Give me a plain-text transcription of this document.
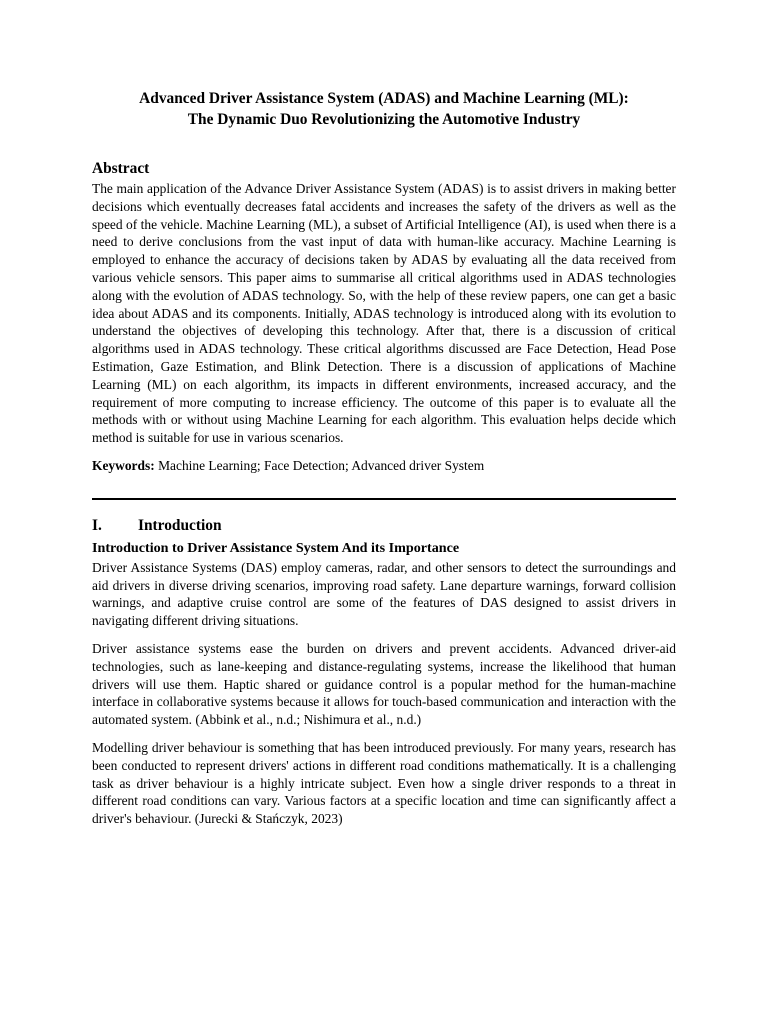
Advanced Driver Assistance System (ADAS) and Machine Learning (ML):
The Dynamic Duo Revolutionizing the Automotive Industry
Abstract

The main application of the Advance Driver Assistance System (ADAS) is to assist drivers in making better decisions which eventually decreases fatal accidents and increases the safety of the drivers as well as the speed of the vehicle. Machine Learning (ML), a subset of Artificial Intelligence (AI), is used when there is a need to derive conclusions from the vast input of data with human-like accuracy. Machine Learning is employed to enhance the accuracy of decisions taken by ADAS by evaluating all the data received from various vehicle sensors. This paper aims to summarise all critical algorithms used in ADAS technologies along with the evolution of ADAS technology. So, with the help of these review papers, one can get a basic idea about ADAS and its components. Initially, ADAS technology is introduced along with its evolution to understand the objectives of developing this technology. After that, there is a discussion of critical algorithms used in ADAS technology. These critical algorithms discussed are Face Detection, Head Pose Estimation, Gaze Estimation, and Blink Detection. There is a discussion of applications of Machine Learning (ML) on each algorithm, its impacts in different environments, increased accuracy, and the requirement of more computing to increase efficiency. The outcome of this paper is to evaluate all the methods with or without using Machine Learning for each algorithm. This evaluation helps decide which method is suitable for use in various scenarios.

Keywords: Machine Learning; Face Detection; Advanced driver System

I.	Introduction
Introduction to Driver Assistance System And its Importance

Driver Assistance Systems (DAS) employ cameras, radar, and other sensors to detect the surroundings and aid drivers in diverse driving scenarios, improving road safety. Lane departure warnings, forward collision warnings, and adaptive cruise control are some of the features of DAS designed to assist drivers in navigating different driving situations.

Driver assistance systems ease the burden on drivers and prevent accidents. Advanced driver-aid technologies, such as lane-keeping and distance-regulating systems, increase the likelihood that human drivers will use them. Haptic shared or guidance control is a popular method for the human-machine interface in collaborative systems because it allows for touch-based communication and interaction with the automated system. (Abbink et al., n.d.; Nishimura et al., n.d.)

Modelling driver behaviour is something that has been introduced previously. For many years, research has been conducted to represent drivers' actions in different road conditions mathematically. It is a challenging task as driver behaviour is a highly intricate subject. Even how a single driver responds to a threat in different road conditions can vary. Various factors at a specific location and time can significantly affect a driver's behaviour. (Jurecki & Stańczyk, 2023)
